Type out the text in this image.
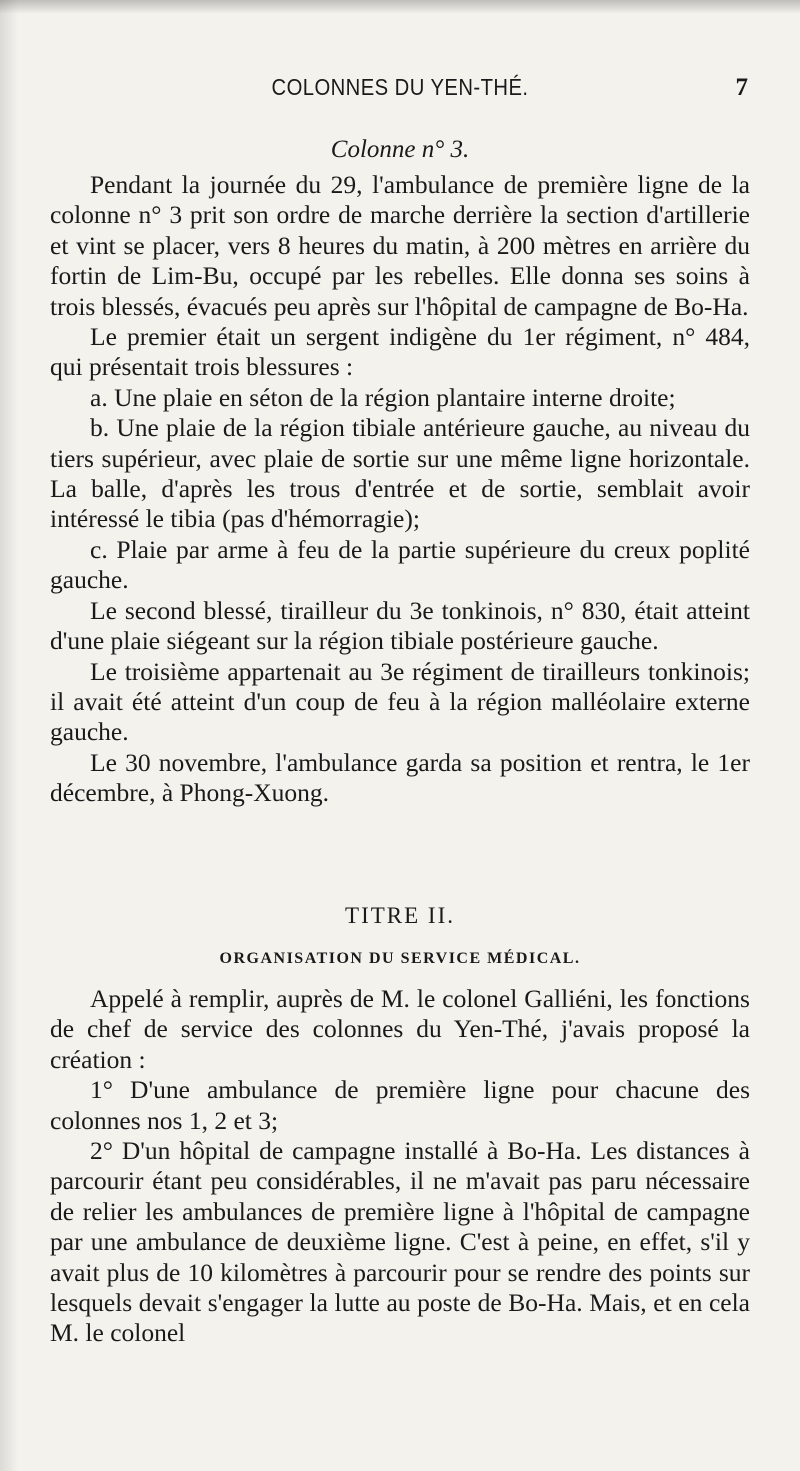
COLONNES DU YEN-THÉ.	7
Colonne n° 3.

Pendant la journée du 29, l'ambulance de première ligne de la colonne n° 3 prit son ordre de marche derrière la section d'artillerie et vint se placer, vers 8 heures du matin, à 200 mètres en arrière du fortin de Lim-Bu, occupé par les rebelles. Elle donna ses soins à trois blessés, évacués peu après sur l'hôpital de campagne de Bo-Ha.

Le premier était un sergent indigène du 1er régiment, n° 484, qui présentait trois blessures :

a. Une plaie en séton de la région plantaire interne droite;

b. Une plaie de la région tibiale antérieure gauche, au niveau du tiers supérieur, avec plaie de sortie sur une même ligne horizontale. La balle, d'après les trous d'entrée et de sortie, semblait avoir intéressé le tibia (pas d'hémorragie);

c. Plaie par arme à feu de la partie supérieure du creux poplité gauche.

Le second blessé, tirailleur du 3e tonkinois, n° 830, était atteint d'une plaie siégeant sur la région tibiale postérieure gauche.

Le troisième appartenait au 3e régiment de tirailleurs tonkinois; il avait été atteint d'un coup de feu à la région malléolaire externe gauche.

Le 30 novembre, l'ambulance garda sa position et rentra, le 1er décembre, à Phong-Xuong.

TITRE II.
ORGANISATION DU SERVICE MÉDICAL.

Appelé à remplir, auprès de M. le colonel Galliéni, les fonctions de chef de service des colonnes du Yen-Thé, j'avais proposé la création :

1° D'une ambulance de première ligne pour chacune des colonnes nos 1, 2 et 3;

2° D'un hôpital de campagne installé à Bo-Ha. Les distances à parcourir étant peu considérables, il ne m'avait pas paru nécessaire de relier les ambulances de première ligne à l'hôpital de campagne par une ambulance de deuxième ligne. C'est à peine, en effet, s'il y avait plus de 10 kilomètres à parcourir pour se rendre des points sur lesquels devait s'engager la lutte au poste de Bo-Ha. Mais, et en cela M. le colonel
